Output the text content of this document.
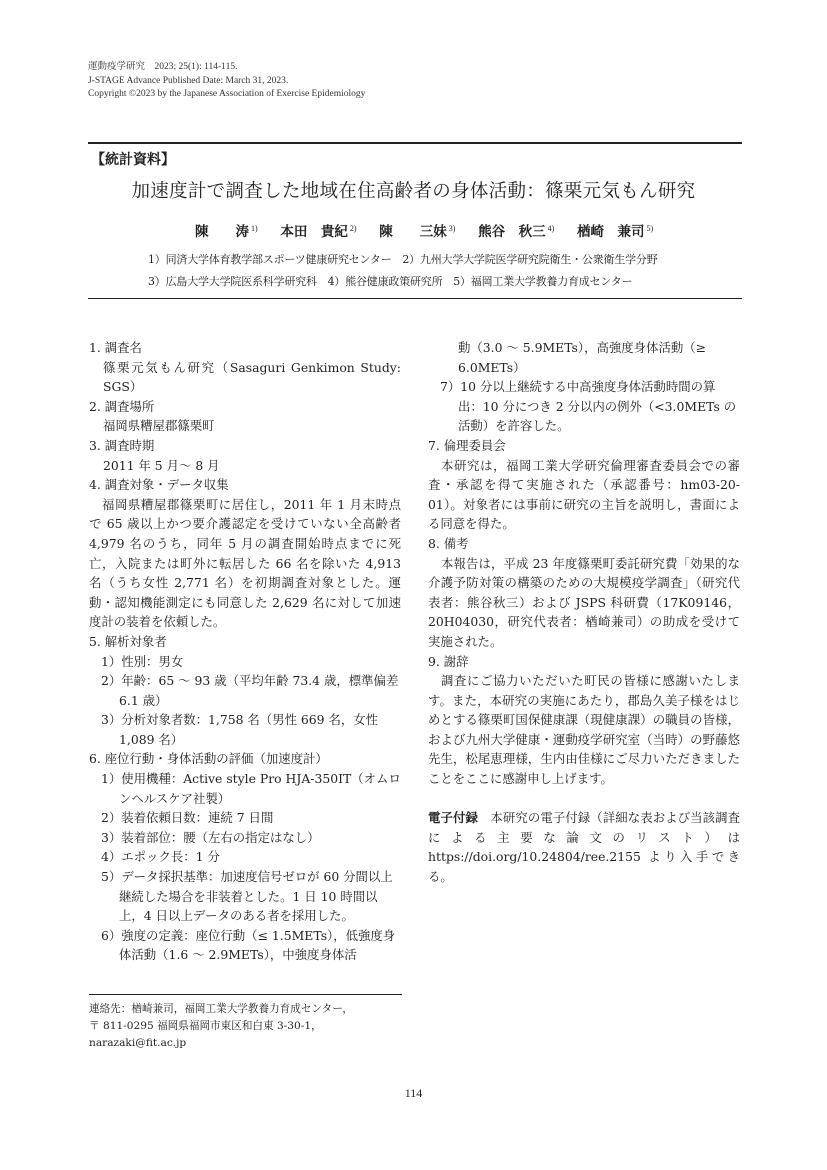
運動疫学研究　2023; 25(1): 114-115.
J-STAGE Advance Published Date: March 31, 2023.
Copyright ©2023 by the Japanese Association of Exercise Epidemiology
【統計資料】
加速度計で調査した地域在住高齢者の身体活動：篠栗元気もん研究
陳　　涛 $^{1)}$ 本田　貴紀 $^{2)}$ 陳　　三妹 $^{3)}$ 熊谷　秋三 $^{4)}$ 楢崎　兼司 $^{5)}$
1）同済大学体育教学部スポーツ健康研究センター　2）九州大学大学院医学研究院衛生・公衆衛生学分野
3）広島大学大学院医系科学研究科　4）熊谷健康政策研究所　5）福岡工業大学教養力育成センター

1. 調査名

篠栗元気もん研究（Sasaguri Genkimon Study:

SGS）

2. 調査場所

福岡県糟屋郡篠栗町

3. 調査時期

2011 年 5 月～ 8 月

4. 調査対象・データ収集

福岡県糟屋郡篠栗町に居住し，2011 年 1 月末時点で 65 歳以上かつ要介護認定を受けていない全高齢者 4,979 名のうち，同年 5 月の調査開始時点までに死亡，入院または町外に転居した 66 名を除いた 4,913 名（うち女性 2,771 名）を初期調査対象とした。運動・認知機能測定にも同意した 2,629 名に対して加速度計の装着を依頼した。

5. 解析対象者

1）性別：男女

2）年齢：65 ～ 93 歳（平均年齢 73.4 歳，標準偏差 6.1 歳）

3）分析対象者数：1,758 名（男性 669 名，女性 1,089 名）

6. 座位行動・身体活動の評価（加速度計）

1）使用機種：Active style Pro HJA-350IT（オムロンヘルスケア社製）

2）装着依頼日数：連続 7 日間

3）装着部位：腰（左右の指定はなし）

4）エポック長：1 分

5）データ採択基準：加速度信号ゼロが 60 分間以上継続した場合を非装着とした。1 日 10 時間以上，4 日以上データのある者を採用した。

6）強度の定義：座位行動（≤ 1.5METs），低強度身体活動（1.6 ～ 2.9METs），中強度身体活

動（3.0 ～ 5.9METs），高強度身体活動（≥ 6.0METs）

7）10 分以上継続する中高強度身体活動時間の算出：10 分につき 2 分以内の例外（<3.0METs の活動）を許容した。

7. 倫理委員会

本研究は，福岡工業大学研究倫理審査委員会での審査・承認を得て実施された（承認番号：hm03-20-01）。対象者には事前に研究の主旨を説明し，書面による同意を得た。

8. 備考

本報告は，平成 23 年度篠栗町委託研究費「効果的な介護予防対策の構築のための大規模疫学調査」（研究代表者：熊谷秋三）および JSPS 科研費（17K09146，20H04030，研究代表者：楢崎兼司）の助成を受けて実施された。

9. 謝辞

調査にご協力いただいた町民の皆様に感謝いたします。また，本研究の実施にあたり，郡島久美子様をはじめとする篠栗町国保健康課（現健康課）の職員の皆様，および九州大学健康・運動疫学研究室（当時）の野藤悠先生，松尾恵理様，生内由佳様にご尽力いただきましたことをここに感謝申し上げます。

電子付録　 本研究の電子付録（詳細な表および当該調査による主要な論文のリスト）は https://doi.org/10.24804/ree.2155 より入手できる。

連絡先：楢崎兼司，福岡工業大学教養力育成センター，
〒 811-0295 福岡県福岡市東区和白東 3-30-1，
narazaki@fit.ac.jp
114
